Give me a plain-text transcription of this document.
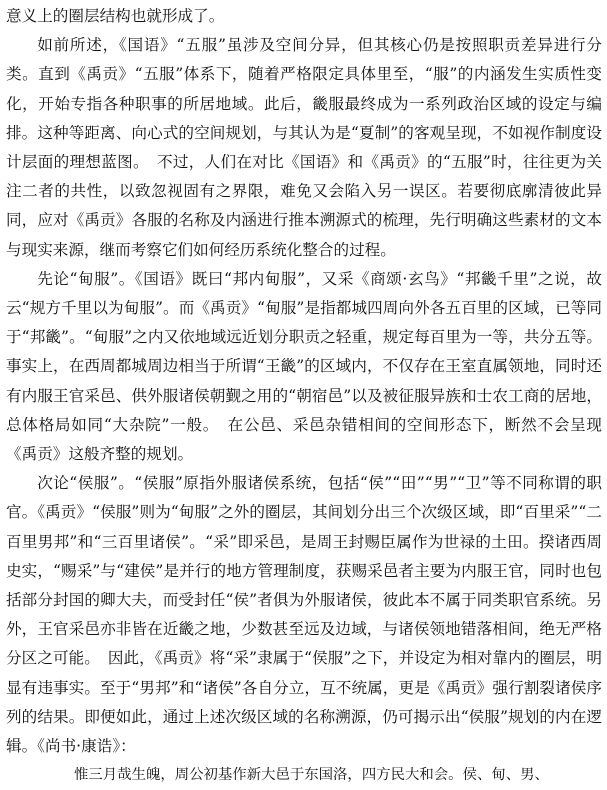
意义上的圈层结构也就形成了。

如前所述，《国语》“五服”虽涉及空间分异，但其核心仍是按照职贡差异进行分类。直到《禹贡》“五服”体系下，随着严格限定具体里至，“服”的内涵发生实质性变化，开始专指各种职事的所居地域。此后，畿服最终成为一系列政治区域的设定与编排。这种等距离、向心式的空间规划，与其认为是“夏制”的客观呈现，不如视作制度设计层面的理想蓝图。　不过，人们在对比《国语》和《禹贡》的“五服”时，往往更为关注二者的共性，以致忽视固有之界限，难免又会陷入另一误区。若要彻底廓清彼此异同，应对《禹贡》各服的名称及内涵进行推本溯源式的梳理，先行明确这些素材的文本与现实来源，继而考察它们如何经历系统化整合的过程。

先论“甸服”。《国语》既曰“邦内甸服”，又采《商颂·玄鸟》“邦畿千里”之说，故云“规方千里以为甸服”。而《禹贡》“甸服”是指都城四周向外各五百里的区域，已等同于“邦畿”。“甸服”之内又依地域远近划分职贡之轻重，规定每百里为一等，共分五等。事实上，在西周都城周边相当于所谓“王畿”的区域内，不仅存在王室直属领地，同时还有内服王官采邑、供外服诸侯朝觐之用的“朝宿邑”以及被征服异族和士农工商的居地，总体格局如同“大杂院”一般。　在公邑、采邑杂错相间的空间形态下，断然不会呈现《禹贡》这般齐整的规划。

次论“侯服”。“侯服”原指外服诸侯系统，包括“侯”“田”“男”“卫”等不同称谓的职官。《禹贡》“侯服”则为“甸服”之外的圈层，其间划分出三个次级区域，即“百里采”“二百里男邦”和“三百里诸侯”。“采”即采邑，是周王封赐臣属作为世禄的土田。揆诸西周史实，“赐采”与“建侯”是并行的地方管理制度，获赐采邑者主要为内服王官，同时也包括部分封国的卿大夫，而受封任“侯”者俱为外服诸侯，彼此本不属于同类职官系统。另外，王官采邑亦非皆在近畿之地，少数甚至远及边域，与诸侯领地错落相间，绝无严格分区之可能。　因此，《禹贡》将“采”隶属于“侯服”之下，并设定为相对靠内的圈层，明显有违事实。至于“男邦”和“诸侯”各自分立，互不统属，更是《禹贡》强行割裂诸侯序列的结果。即便如此，通过上述次级区域的名称溯源，仍可揭示出“侯服”规划的内在逻辑。《尚书·康诰》：

惟三月哉生魄，周公初基作新大邑于东国洛，四方民大和会。侯、甸、男、
